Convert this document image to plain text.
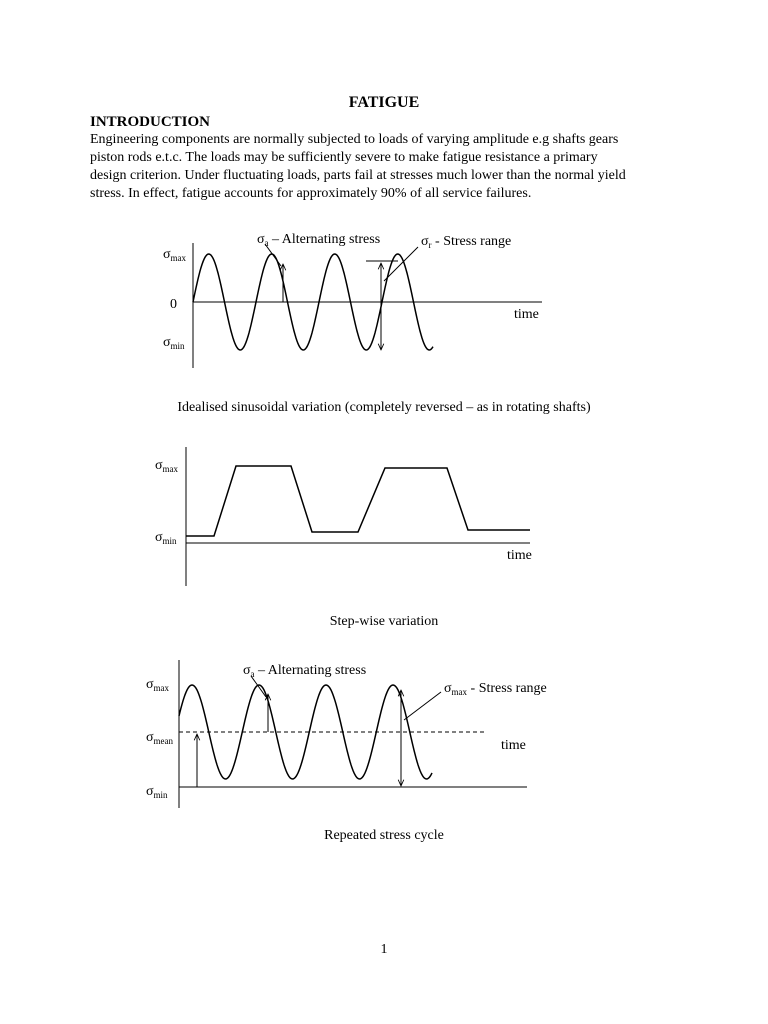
FATIGUE
INTRODUCTION
Engineering components are normally subjected to loads of varying amplitude e.g shafts gears
piston rods e.t.c. The loads may be sufficiently severe to make fatigue resistance a primary
design criterion. Under fluctuating loads, parts fail at stresses much lower than the normal yield
stress. In effect, fatigue accounts for approximately 90% of all service failures.
$\sigma_a$ – Alternating stress	$\sigma_r$ - Stress range
$\sigma_{max}$
0
$\sigma_{min}$
time
$\sigma_{max}$
$\sigma_{min}$
time
$\sigma_a$ – Alternating stress
$\sigma_{max}$ - Stress range
$\sigma_{max}$
$\sigma_{mean}$
$\sigma_{min}$
time
Idealised sinusoidal variation (completely reversed – as in rotating shafts)
Step-wise variation
Repeated stress cycle
1
